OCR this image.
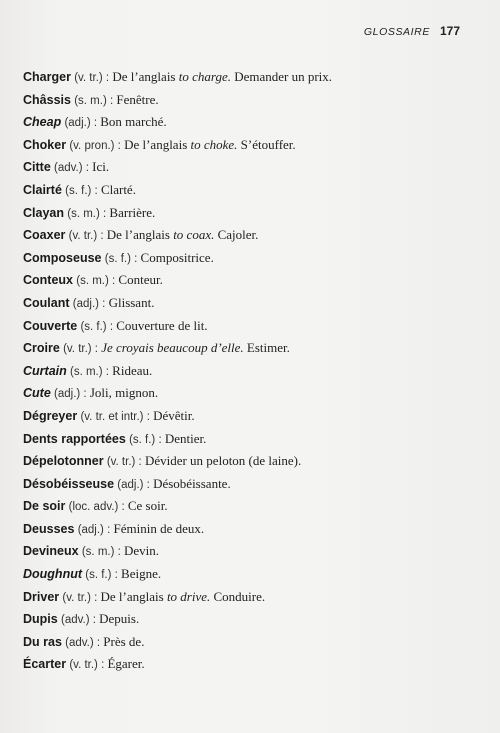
GLOSSAIRE 177
Charger (v. tr.) : De l’anglais to charge. Demander un prix.
Châssis (s. m.) : Fenêtre.
Cheap (adj.) : Bon marché.
Choker (v. pron.) : De l’anglais to choke. S’étouffer.
Citte (adv.) : Ici.
Clairté (s. f.) : Clarté.
Clayan (s. m.) : Barrière.
Coaxer (v. tr.) : De l’anglais to coax. Cajoler.
Composeuse (s. f.) : Compositrice.
Conteux (s. m.) : Conteur.
Coulant (adj.) : Glissant.
Couverte (s. f.) : Couverture de lit.
Croire (v. tr.) : Je croyais beaucoup d’elle. Estimer.
Curtain (s. m.) : Rideau.
Cute (adj.) : Joli, mignon.
Dégreyer (v. tr. et intr.) : Dévêtir.
Dents rapportées (s. f.) : Dentier.
Dépelotonner (v. tr.) : Dévider un peloton (de laine).
Désobéisseuse (adj.) : Désobéissante.
De soir (loc. adv.) : Ce soir.
Deusses (adj.) : Féminin de deux.
Devineux (s. m.) : Devin.
Doughnut (s. f.) : Beigne.
Driver (v. tr.) : De l’anglais to drive. Conduire.
Dupis (adv.) : Depuis.
Du ras (adv.) : Près de.
Écarter (v. tr.) : Égarer.
